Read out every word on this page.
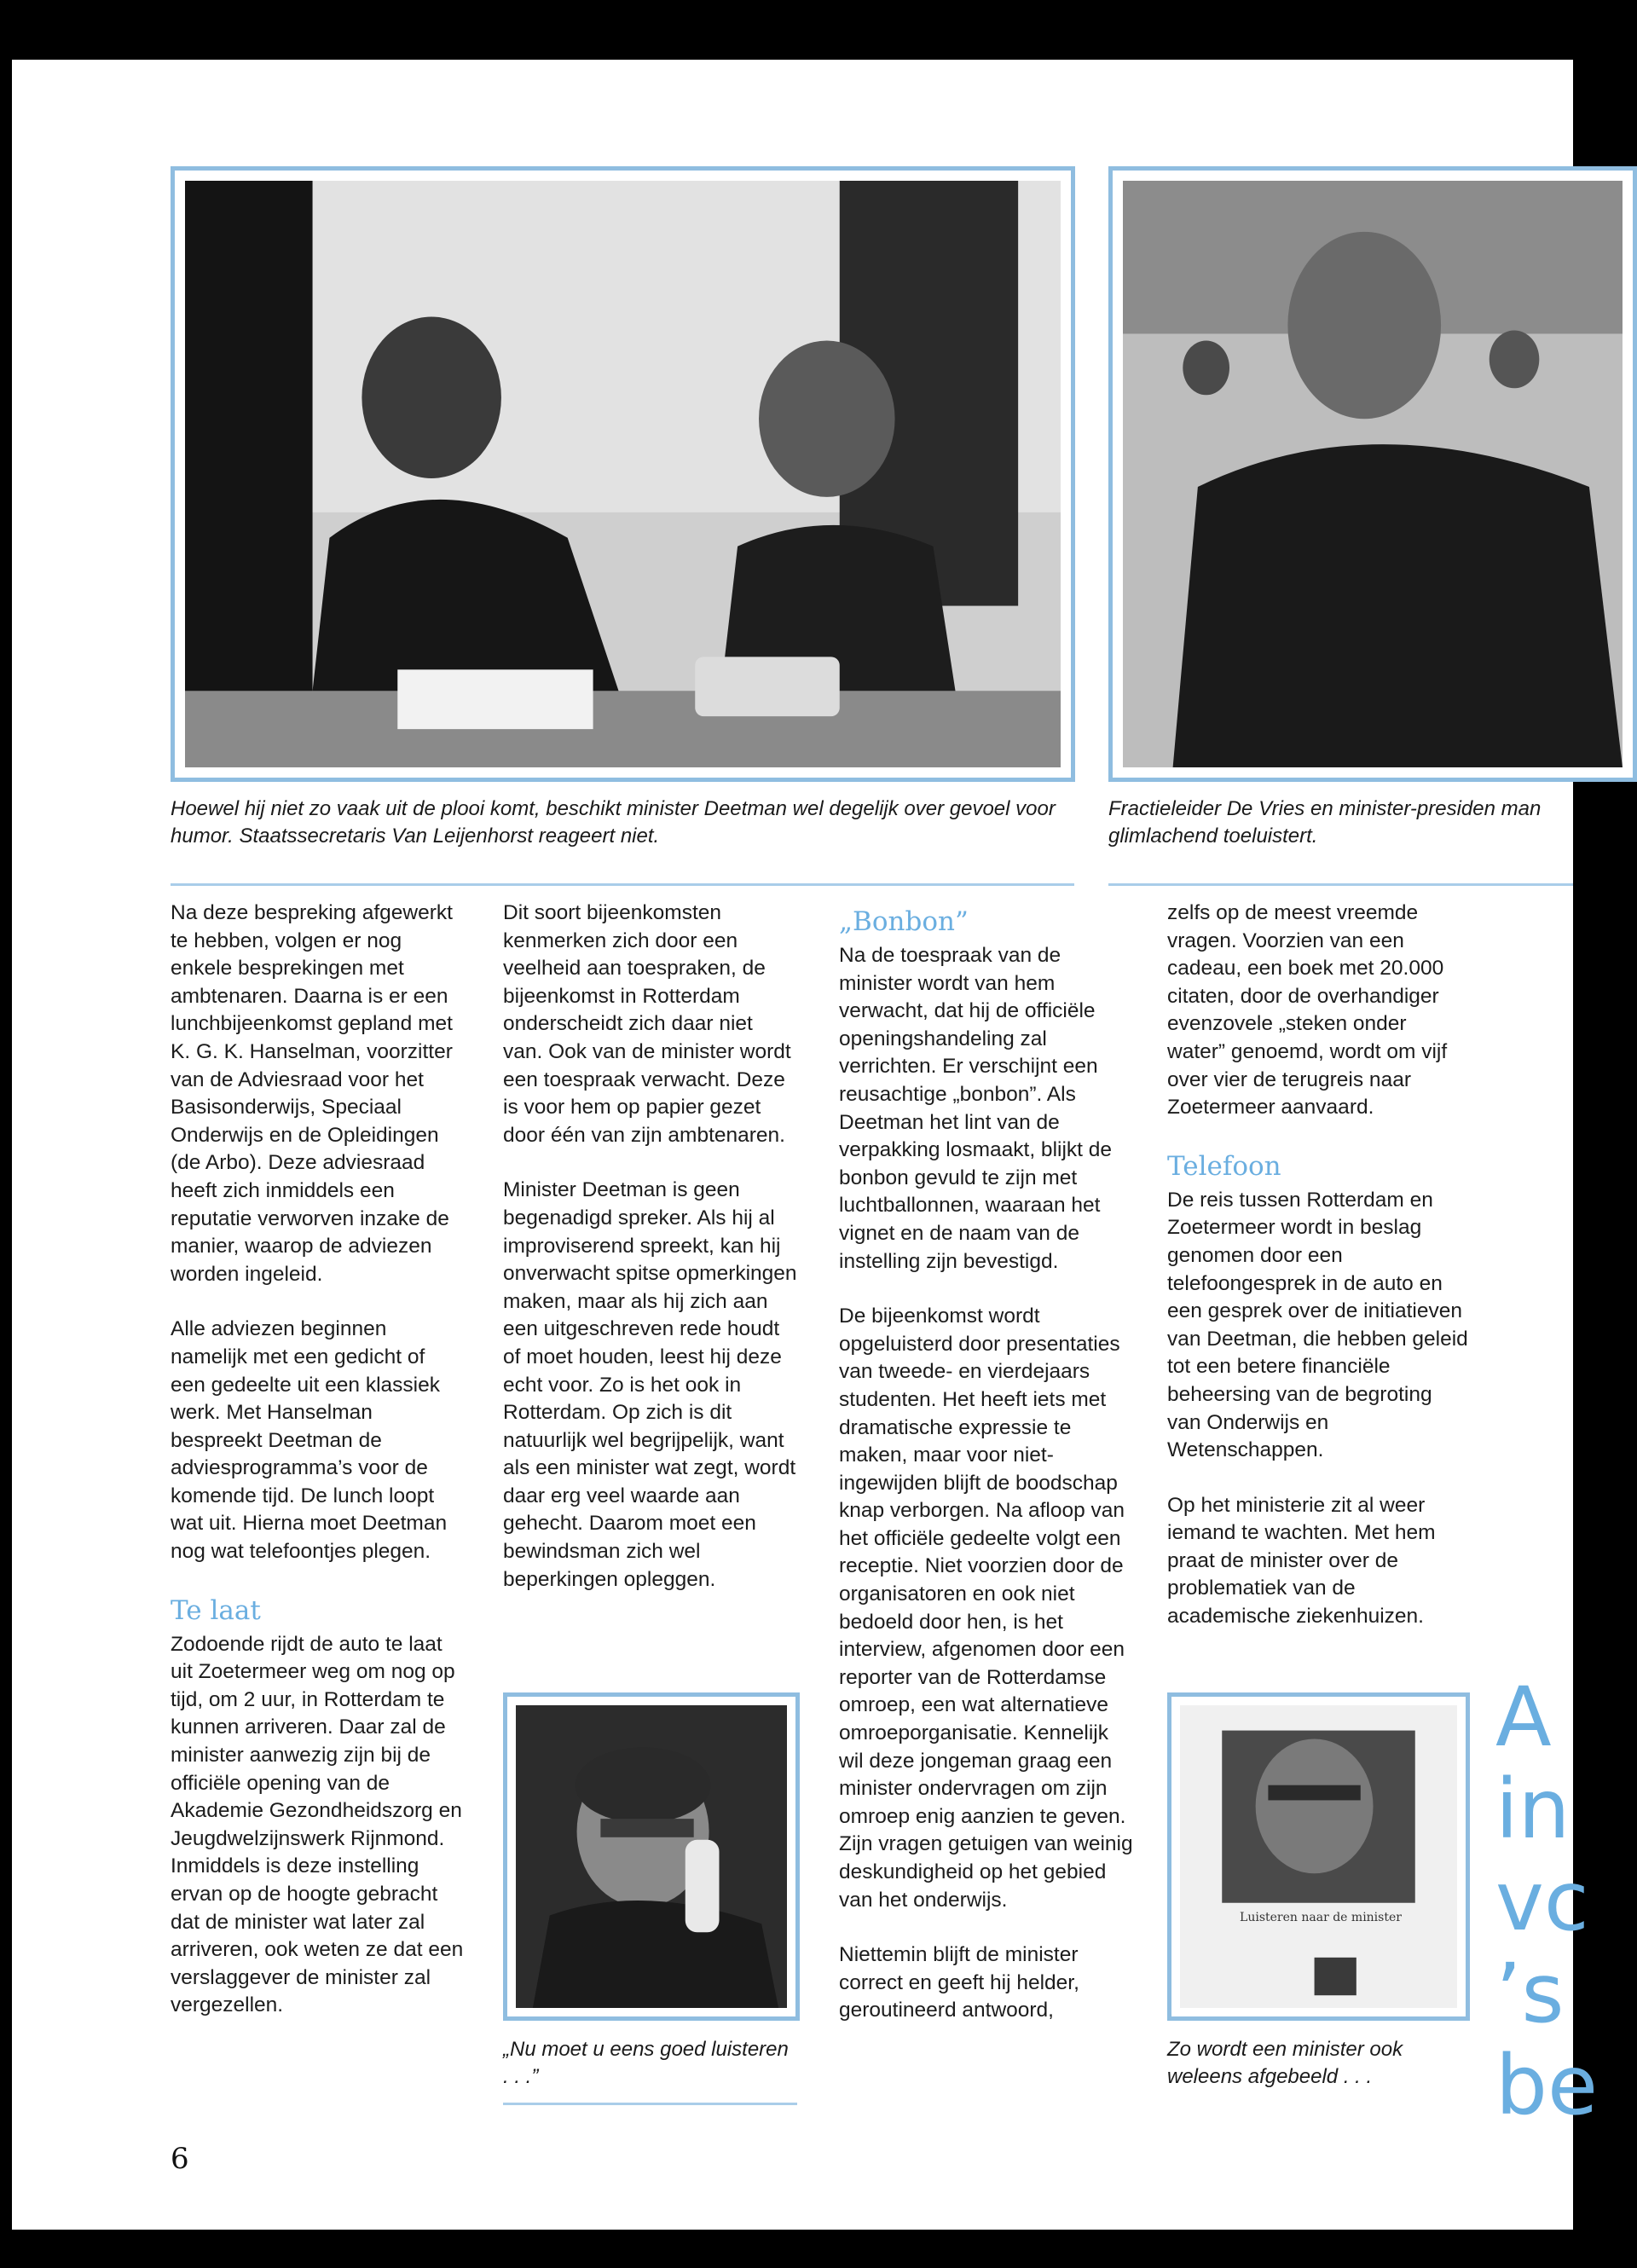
Hoewel hij niet zo vaak uit de plooi komt, beschikt minister Deetman wel degelijk over gevoel voor humor. Staatssecretaris Van Leijenhorst reageert niet.
Fractieleider De Vries en minister-presiden man glimlachend toeluistert.

Na deze bespreking afgewerkt te hebben, volgen er nog enkele besprekingen met ambtenaren. Daarna is er een lunchbijeenkomst gepland met K. G. K. Hanselman, voorzitter van de Adviesraad voor het Basisonderwijs, Speciaal Onderwijs en de Opleidingen (de Arbo). Deze adviesraad heeft zich inmiddels een reputatie verworven inzake de manier, waarop de adviezen worden ingeleid.

Alle adviezen beginnen namelijk met een gedicht of een gedeelte uit een klassiek werk. Met Hanselman bespreekt Deetman de adviesprogramma’s voor de komende tijd. De lunch loopt wat uit. Hierna moet Deetman nog wat telefoontjes plegen.

Te laat

Zodoende rijdt de auto te laat uit Zoetermeer weg om nog op tijd, om 2 uur, in Rotterdam te kunnen arriveren. Daar zal de minister aanwezig zijn bij de officiële opening van de Akademie Gezondheidszorg en Jeugdwelzijnswerk Rijnmond. Inmiddels is deze instelling ervan op de hoogte gebracht dat de minister wat later zal arriveren, ook weten ze dat een verslaggever de minister zal vergezellen.

Dit soort bijeenkomsten kenmerken zich door een veelheid aan toespraken, de bijeenkomst in Rotterdam onderscheidt zich daar niet van. Ook van de minister wordt een toespraak verwacht. Deze is voor hem op papier gezet door één van zijn ambtenaren.

Minister Deetman is geen begenadigd spreker. Als hij al improviserend spreekt, kan hij onverwacht spitse opmerkingen maken, maar als hij zich aan een uitgeschreven rede houdt of moet houden, leest hij deze echt voor. Zo is het ook in Rotterdam. Op zich is dit natuurlijk wel begrijpelijk, want als een minister wat zegt, wordt daar erg veel waarde aan gehecht. Daarom moet een bewindsman zich wel beperkingen opleggen.

„Nu moet u eens goed luisteren . . .”
„Bonbon”

Na de toespraak van de minister wordt van hem verwacht, dat hij de officiële openingshandeling zal verrichten. Er verschijnt een reusachtige „bonbon”. Als Deetman het lint van de verpakking losmaakt, blijkt de bonbon gevuld te zijn met luchtballonnen, waaraan het vignet en de naam van de instelling zijn bevestigd.

De bijeenkomst wordt opgeluisterd door presentaties van tweede- en vierdejaars studenten. Het heeft iets met dramatische expressie te maken, maar voor niet-ingewijden blijft de boodschap knap verborgen. Na afloop van het officiële gedeelte volgt een receptie. Niet voorzien door de organisatoren en ook niet bedoeld door hen, is het interview, afgenomen door een reporter van de Rotterdamse omroep, een wat alternatieve omroeporganisatie. Kennelijk wil deze jongeman graag een minister ondervragen om zijn omroep enig aanzien te geven. Zijn vragen getuigen van weinig deskundigheid op het gebied van het onderwijs.

Niettemin blijft de minister correct en geeft hij helder, geroutineerd antwoord,

zelfs op de meest vreemde vragen. Voorzien van een cadeau, een boek met 20.000 citaten, door de overhandiger evenzovele „steken onder water” genoemd, wordt om vijf over vier de terugreis naar Zoetermeer aanvaard.

Telefoon

De reis tussen Rotterdam en Zoetermeer wordt in beslag genomen door een telefoongesprek in de auto en een gesprek over de initiatieven van Deetman, die hebben geleid tot een betere financiële beheersing van de begroting van Onderwijs en Wetenschappen.

Op het ministerie zit al weer iemand te wachten. Met hem praat de minister over de problematiek van de academische ziekenhuizen.

Luisteren naar de minister
Zo wordt een minister ook weleens afgebeeld . . .
A
in
vc
’s
be
6
